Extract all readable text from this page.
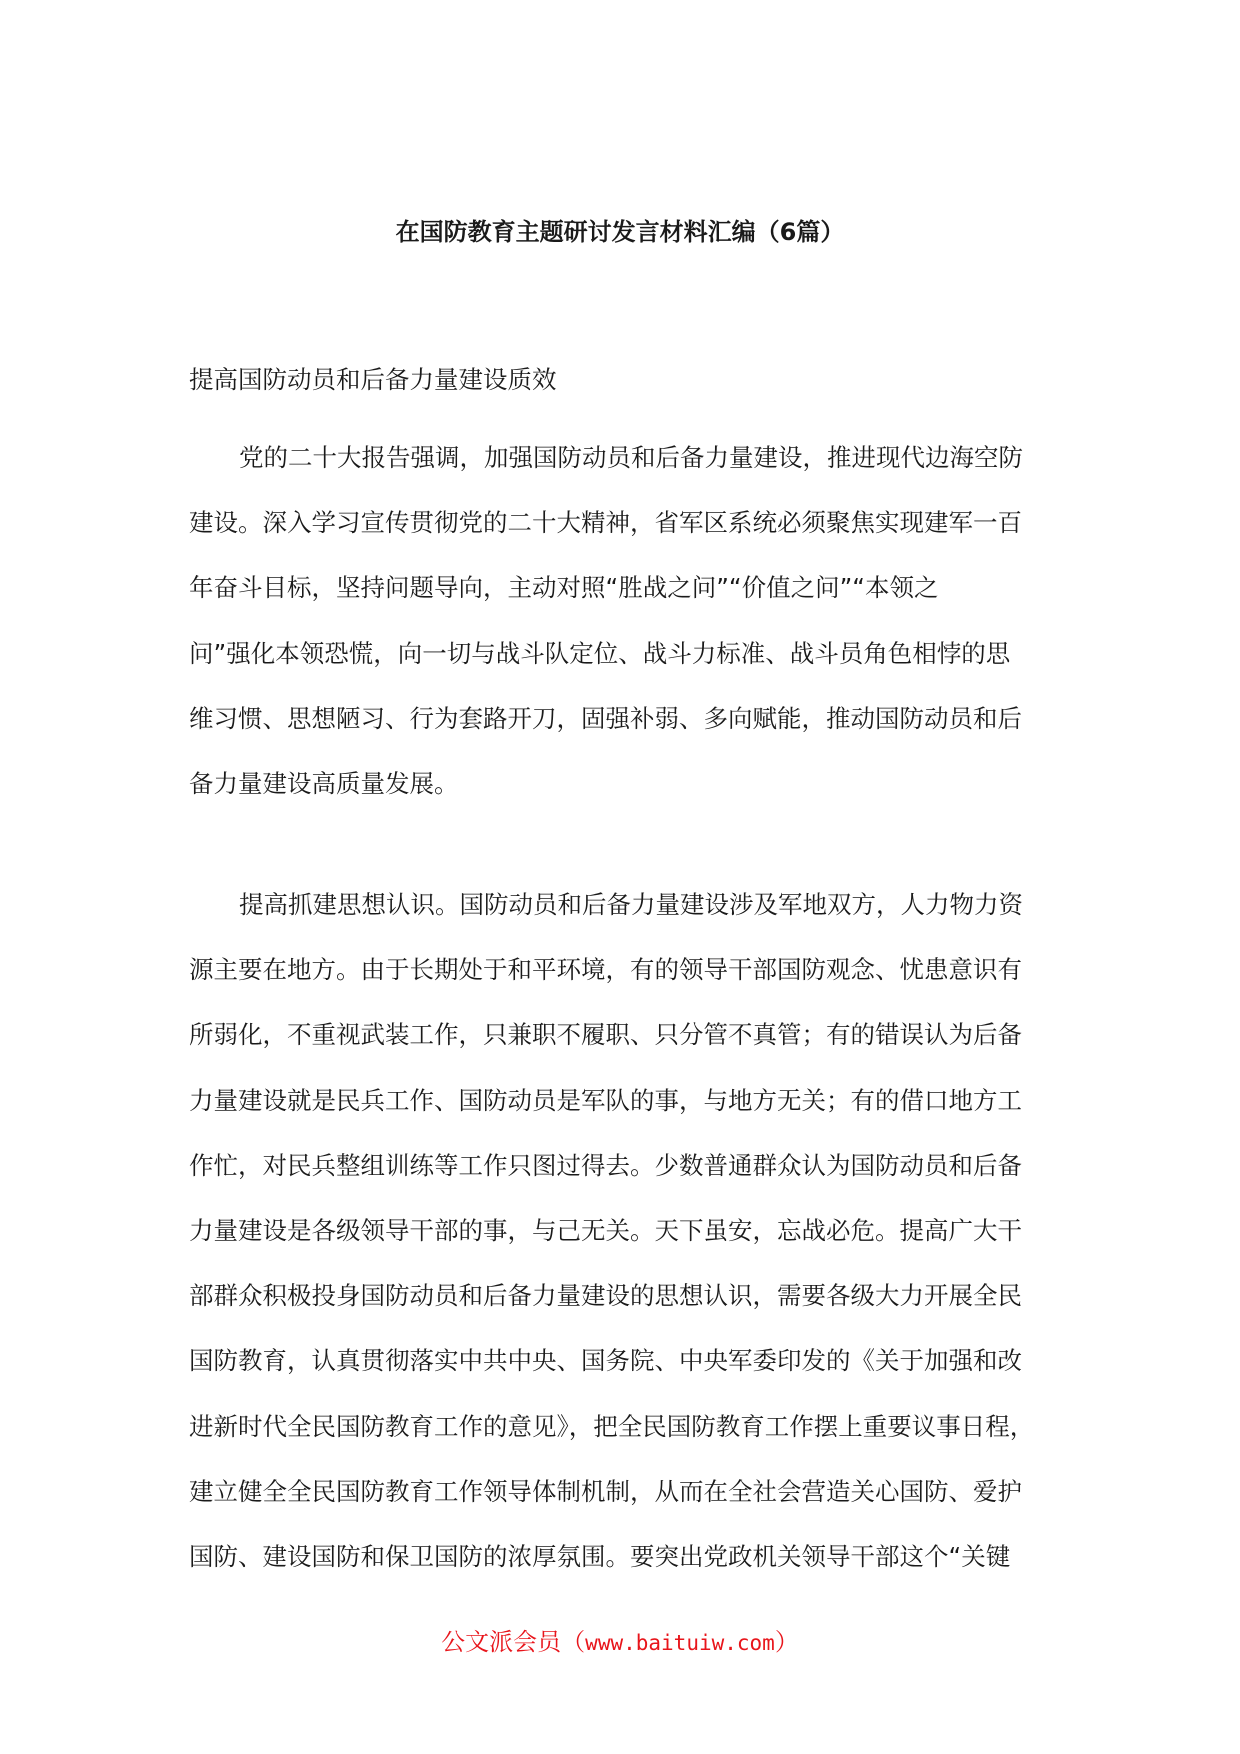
在国防教育主题研讨发言材料汇编（6篇）

提高国防动员和后备力量建设质效

党的二十大报告强调，加强国防动员和后备力量建设，推进现代边海空防
建设。深入学习宣传贯彻党的二十大精神，省军区系统必须聚焦实现建军一百
年奋斗目标，坚持问题导向，主动对照“胜战之问”“价值之问”“本领之
问”强化本领恐慌，向一切与战斗队定位、战斗力标准、战斗员角色相悖的思
维习惯、思想陋习、行为套路开刀，固强补弱、多向赋能，推动国防动员和后
备力量建设高质量发展。
提高抓建思想认识。国防动员和后备力量建设涉及军地双方，人力物力资
源主要在地方。由于长期处于和平环境，有的领导干部国防观念、忧患意识有
所弱化，不重视武装工作，只兼职不履职、只分管不真管；有的错误认为后备
力量建设就是民兵工作、国防动员是军队的事，与地方无关；有的借口地方工
作忙，对民兵整组训练等工作只图过得去。少数普通群众认为国防动员和后备
力量建设是各级领导干部的事，与己无关。天下虽安，忘战必危。提高广大干
部群众积极投身国防动员和后备力量建设的思想认识，需要各级大力开展全民
国防教育，认真贯彻落实中共中央、国务院、中央军委印发的《关于加强和改
进新时代全民国防教育工作的意见》，把全民国防教育工作摆上重要议事日程，
建立健全全民国防教育工作领导体制机制，从而在全社会营造关心国防、爱护
国防、建设国防和保卫国防的浓厚氛围。要突出党政机关领导干部这个“关键
公文派会员（www.baituiw.com）
